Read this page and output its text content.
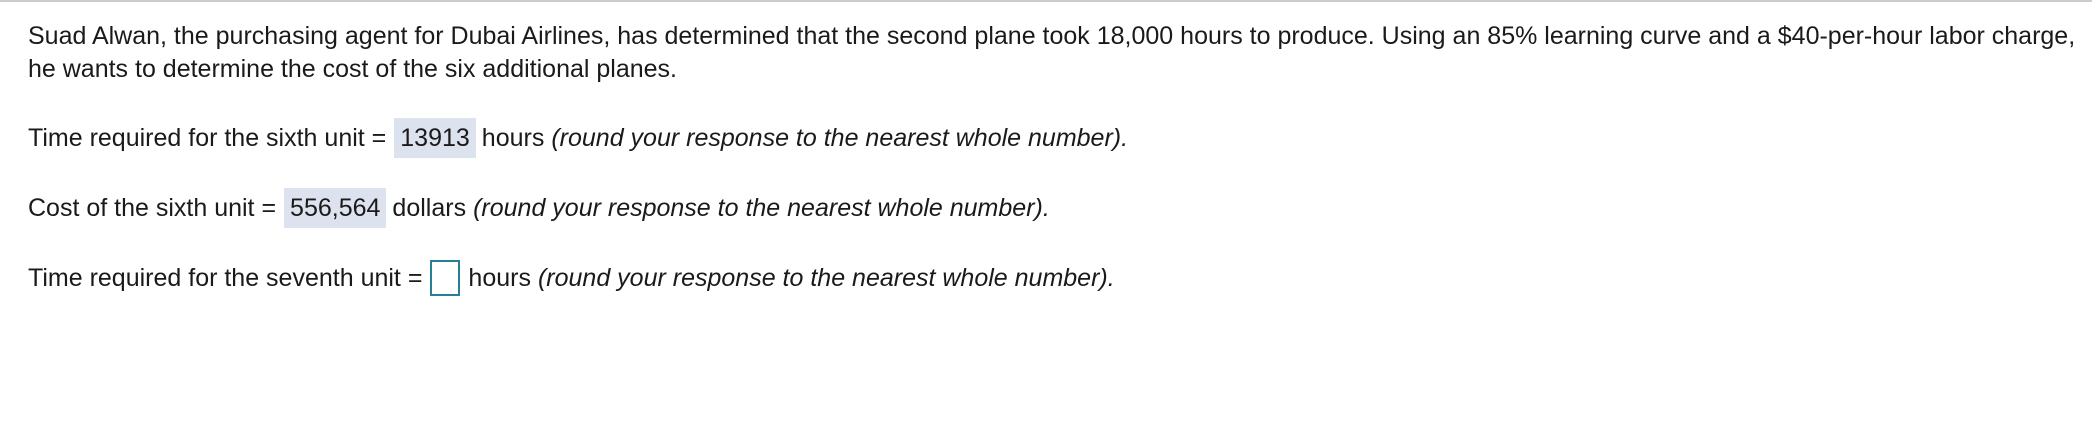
Suad Alwan, the purchasing agent for Dubai Airlines, has determined that the second plane took 18,000 hours to produce. Using an 85% learning curve and a $40-per-hour labor charge, he wants to determine the cost of the six additional planes.

Time required for the sixth unit = 13913 hours (round your response to the nearest whole number).
Cost of the sixth unit = 556,564 dollars (round your response to the nearest whole number).
Time required for the seventh unit = hours (round your response to the nearest whole number).
